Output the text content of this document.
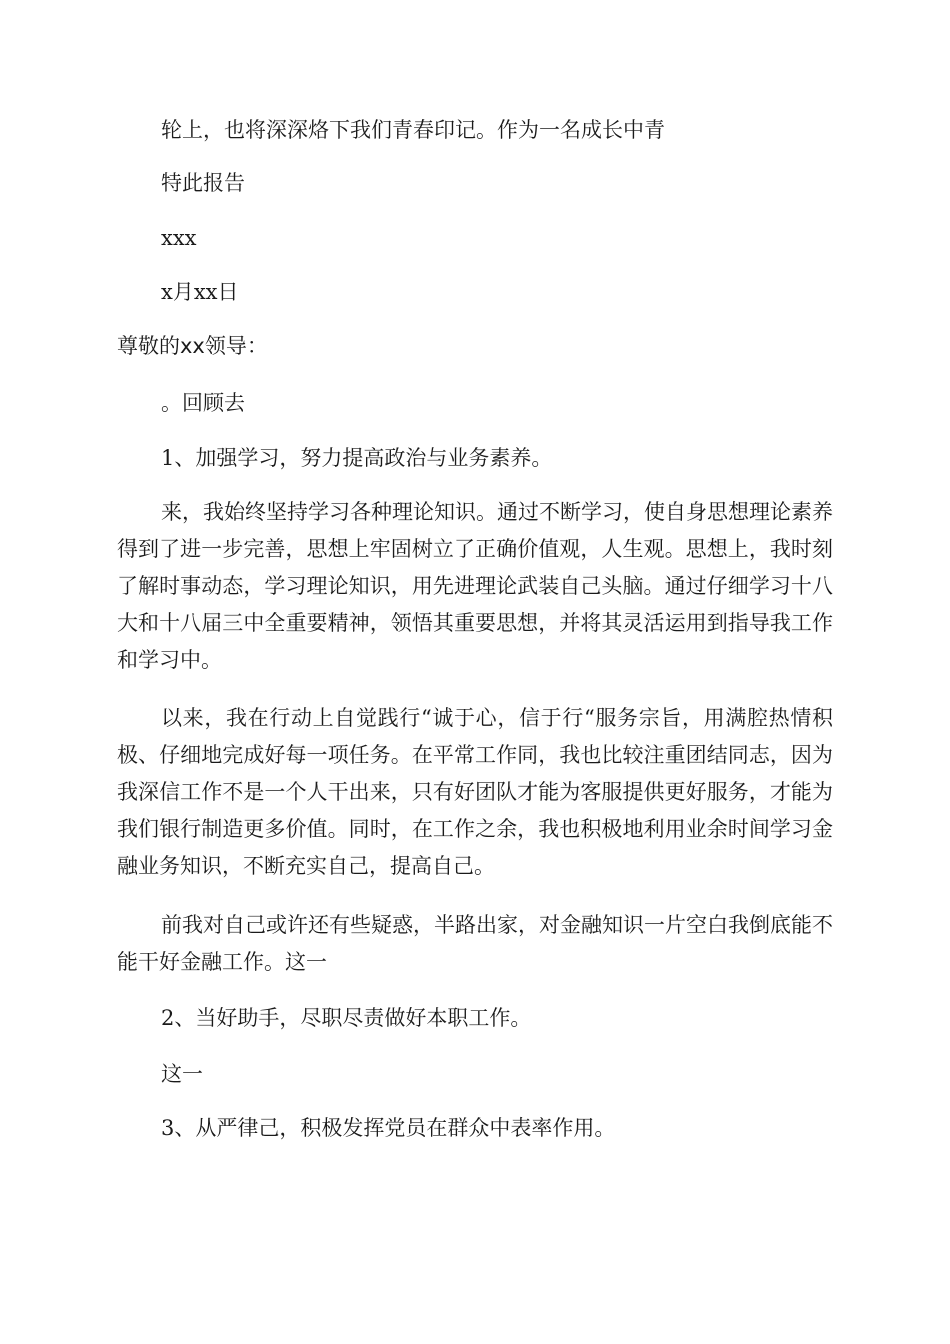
轮上，也将深深烙下我们青春印记。作为一名成长中青

特此报告

xxx

x月xx日

尊敬的xx领导：

。回顾去

1、加强学习，努力提高政治与业务素养。

来，我始终坚持学习各种理论知识。通过不断学习，使自身思想理论素养得到了进一步完善，思想上牢固树立了正确价值观，人生观。思想上，我时刻了解时事动态，学习理论知识，用先进理论武装自己头脑。通过仔细学习十八大和十八届三中全重要精神，领悟其重要思想，并将其灵活运用到指导我工作和学习中。

以来，我在行动上自觉践行“诚于心，信于行“服务宗旨，用满腔热情积极、仔细地完成好每一项任务。在平常工作同，我也比较注重团结同志，因为我深信工作不是一个人干出来，只有好团队才能为客服提供更好服务，才能为我们银行制造更多价值。同时，在工作之余，我也积极地利用业余时间学习金融业务知识，不断充实自己，提高自己。

前我对自己或许还有些疑惑，半路出家，对金融知识一片空白我倒底能不能干好金融工作。这一

2、当好助手，尽职尽责做好本职工作。

这一

3、从严律己，积极发挥党员在群众中表率作用。
